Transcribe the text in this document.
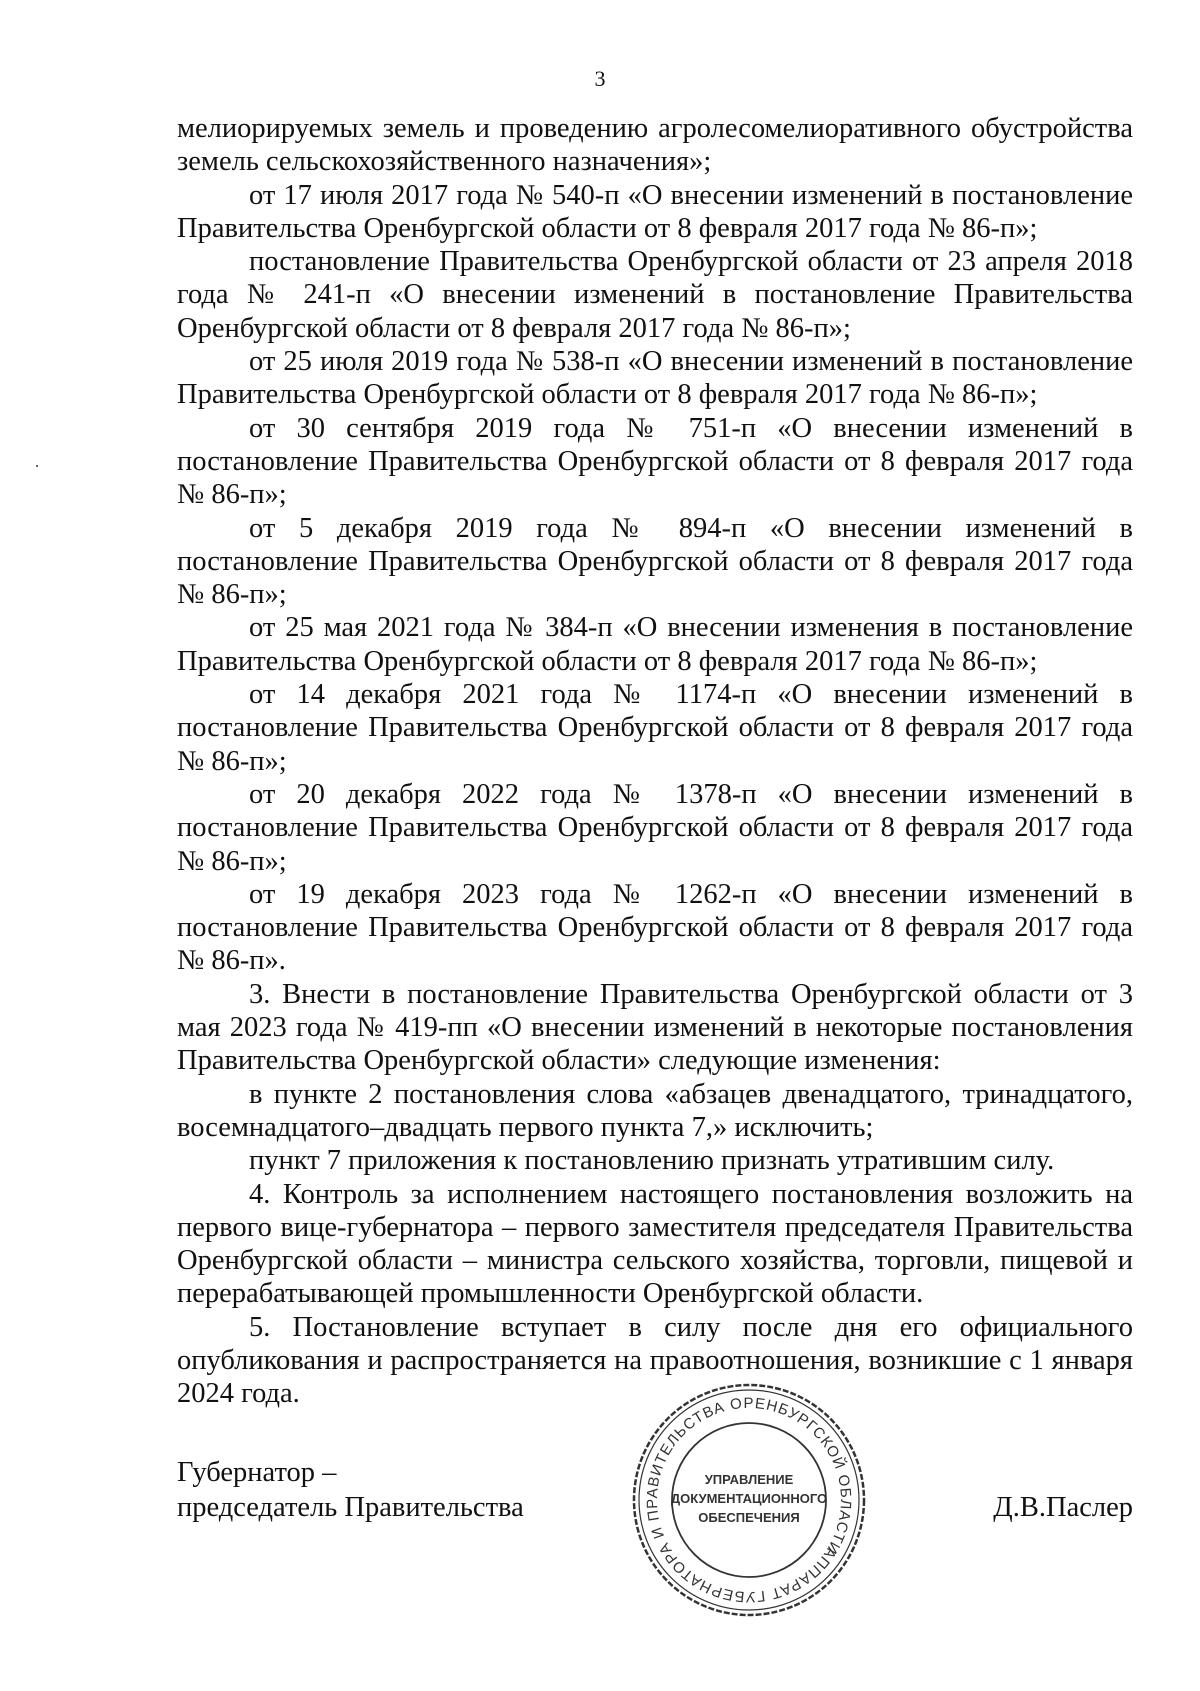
3

мелиорируемых земель и проведению агролесомелиоративного обустройства земель сельскохозяйственного назначения»;

от 17 июля 2017 года № 540-п «О внесении изменений в постановление Правительства Оренбургской области от 8 февраля 2017 года № 86-п»;

постановление Правительства Оренбургской области от 23 апреля 2018 года № 241-п «О внесении изменений в постановление Правительства Оренбургской области от 8 февраля 2017 года № 86-п»;

от 25 июля 2019 года № 538-п «О внесении изменений в постановление Правительства Оренбургской области от 8 февраля 2017 года № 86-п»;

от 30 сентября 2019 года № 751-п «О внесении изменений в постановление Правительства Оренбургской области от 8 февраля 2017 года № 86-п»;

от 5 декабря 2019 года № 894-п «О внесении изменений в постановление Правительства Оренбургской области от 8 февраля 2017 года № 86-п»;

от 25 мая 2021 года № 384-п «О внесении изменения в постановление Правительства Оренбургской области от 8 февраля 2017 года № 86-п»;

от 14 декабря 2021 года № 1174-п «О внесении изменений в постановление Правительства Оренбургской области от 8 февраля 2017 года № 86-п»;

от 20 декабря 2022 года № 1378-п «О внесении изменений в постановление Правительства Оренбургской области от 8 февраля 2017 года № 86-п»;

от 19 декабря 2023 года № 1262-п «О внесении изменений в постановление Правительства Оренбургской области от 8 февраля 2017 года № 86-п».

3. Внести в постановление Правительства Оренбургской области от 3 мая 2023 года № 419-пп «О внесении изменений в некоторые постановления Правительства Оренбургской области» следующие изменения:

в пункте 2 постановления слова «абзацев двенадцатого, тринадцатого, восемнадцатого–двадцать первого пункта 7,» исключить;

пункт 7 приложения к постановлению признать утратившим силу.

4. Контроль за исполнением настоящего постановления возложить на первого вице-губернатора – первого заместителя председателя Правительства Оренбургской области – министра сельского хозяйства, торговли, пищевой и перерабатывающей промышленности Оренбургской области.

5. Постановление вступает в силу после дня его официального опубликования и распространяется на правоотношения, возникшие с 1 января 2024 года.

Губернатор –
председатель Правительства	Д.В.Паслер
АППАРАТ ГУБЕРНАТОРА И ПРАВИТЕЛЬСТВА ОРЕНБУРГСКОЙ ОБЛАСТИ
УПРАВЛЕНИЕ
ДОКУМЕНТАЦИОННОГО
ОБЕСПЕЧЕНИЯ
